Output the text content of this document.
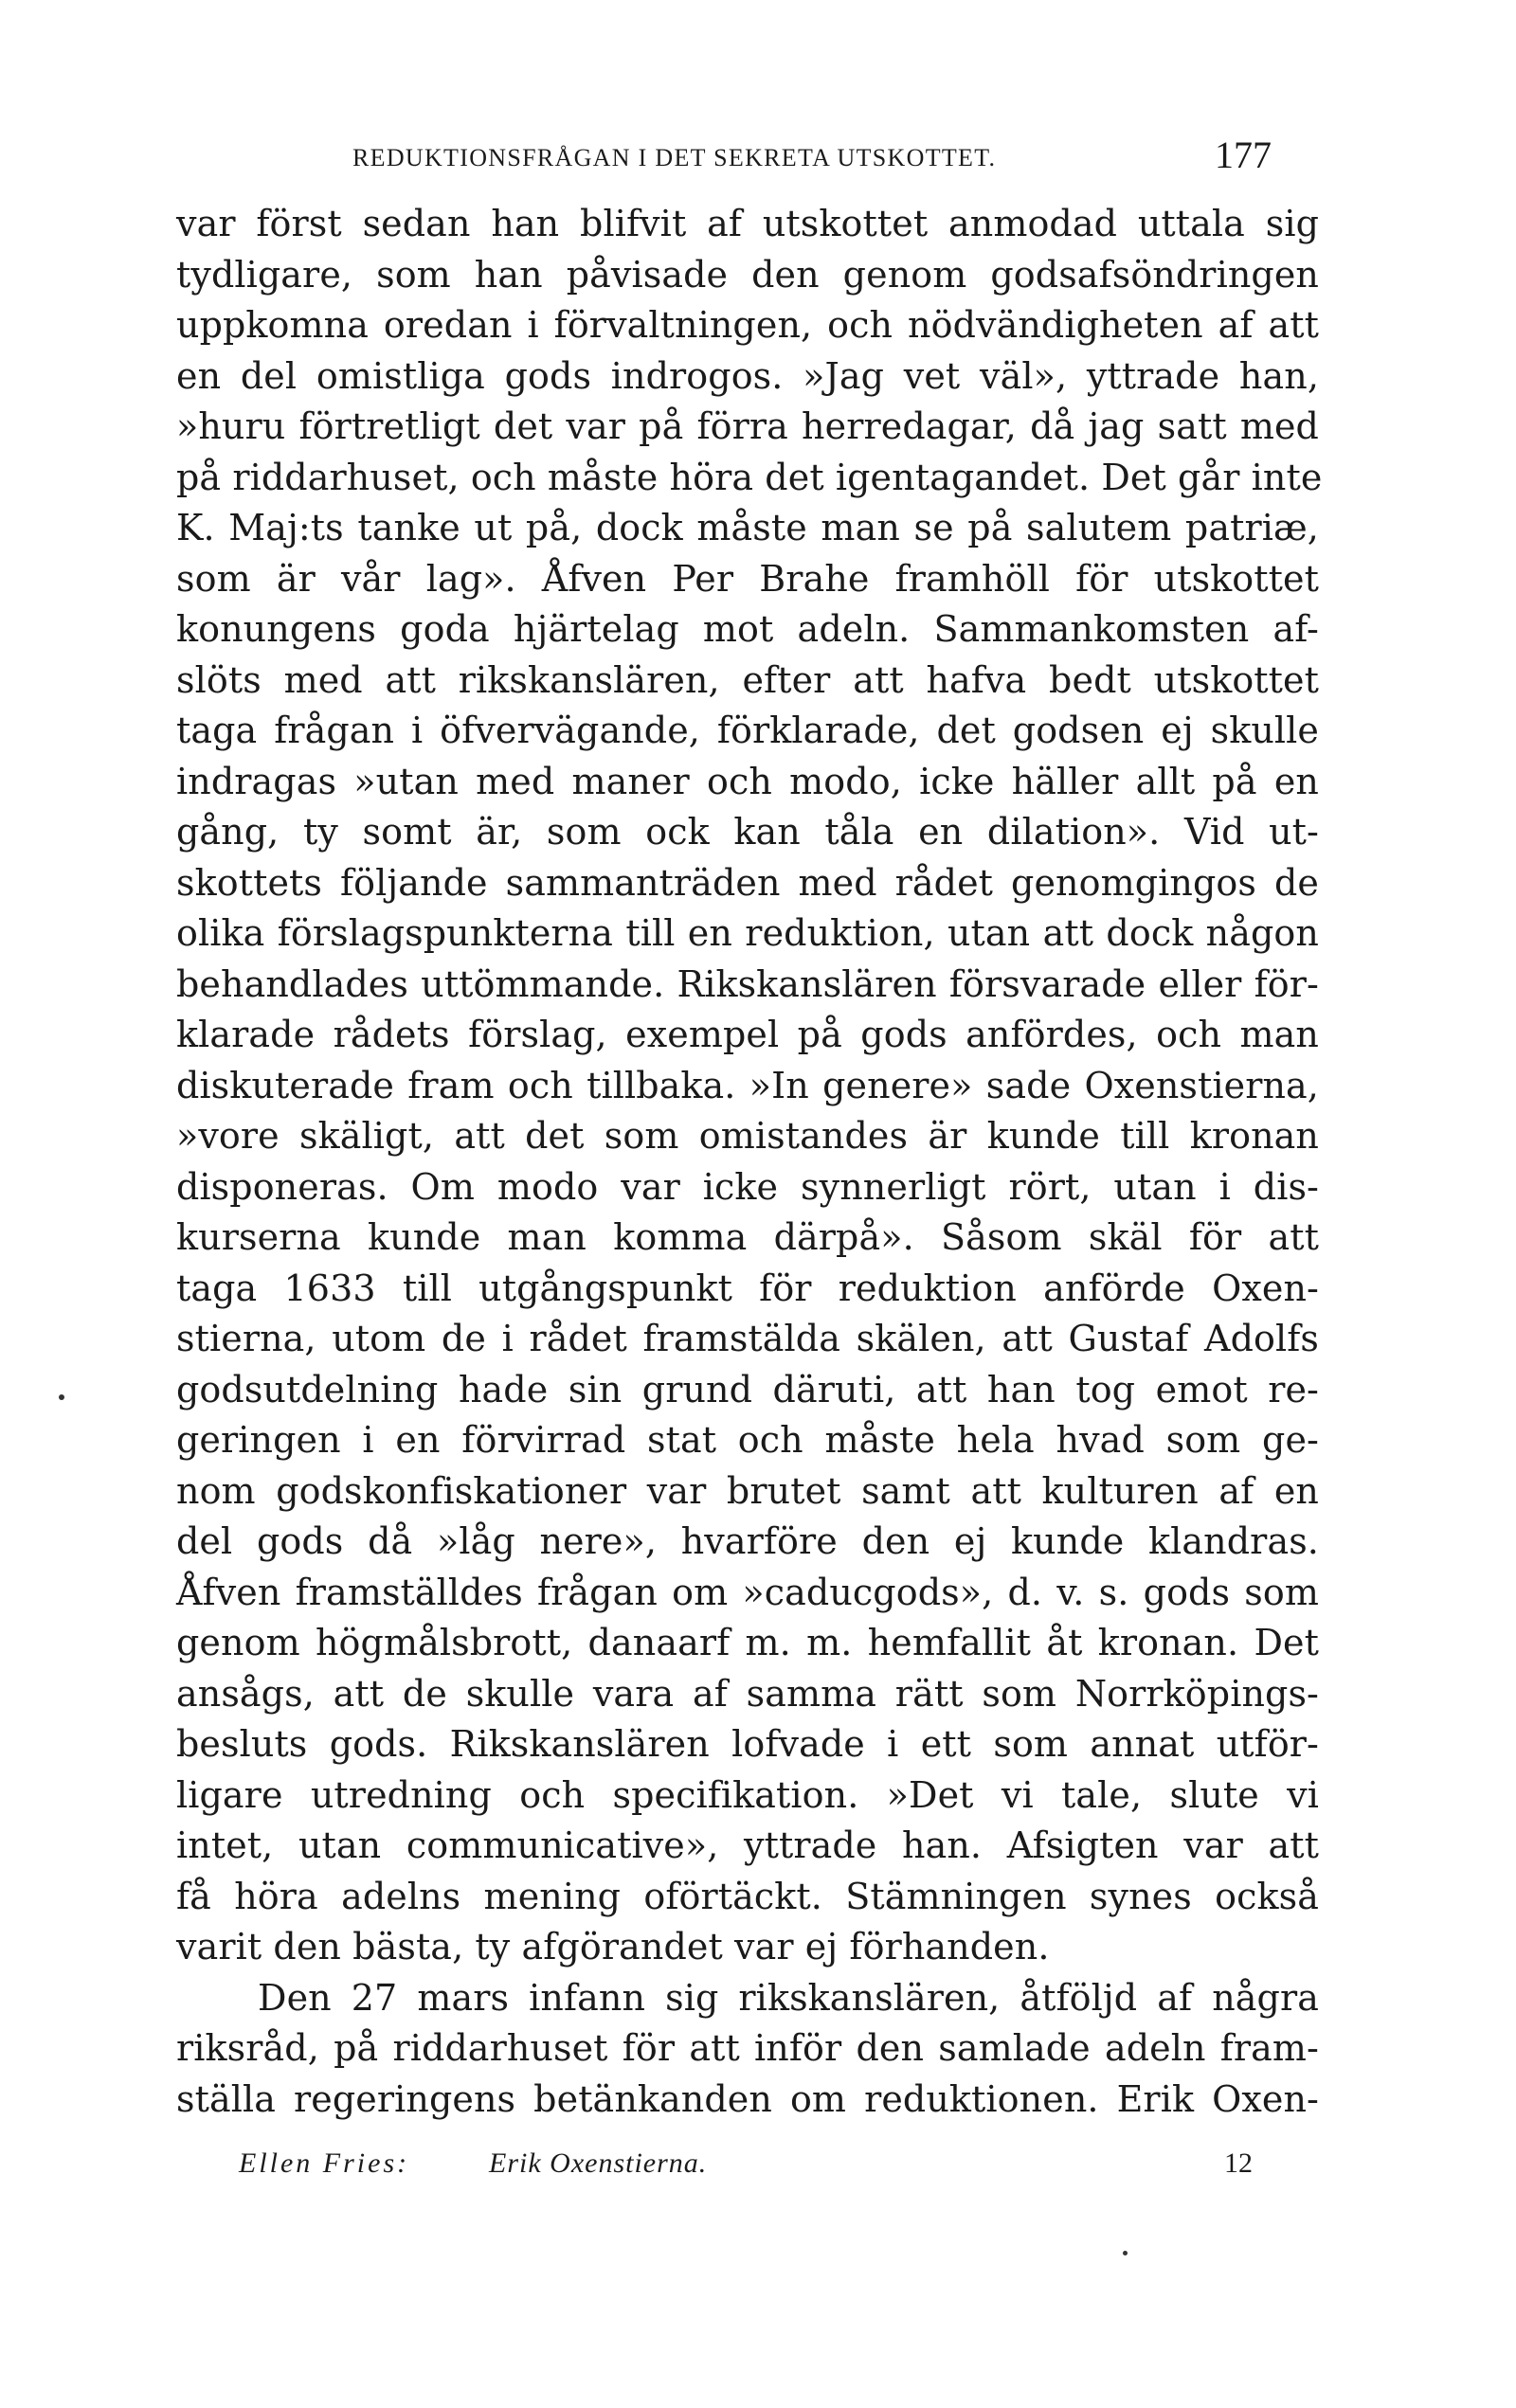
REDUKTIONSFRÅGAN I DET SEKRETA UTSKOTTET.	177
var först sedan han blifvit af utskottet anmodad uttala sig
tydligare, som han påvisade den genom godsafsöndringen
uppkomna oredan i förvaltningen, och nödvändigheten af att
en del omistliga gods indrogos. »Jag vet väl», yttrade han,
»huru förtretligt det var på förra herredagar, då jag satt med
på riddarhuset, och måste höra det igentagandet. Det går inte
K. Maj:ts tanke ut på, dock måste man se på salutem patriæ,
som är vår lag». Åfven Per Brahe framhöll för utskottet
konungens goda hjärtelag mot adeln. Sammankomsten af-
slöts med att rikskanslären, efter att hafva bedt utskottet
taga frågan i öfvervägande, förklarade, det godsen ej skulle
indragas »utan med maner och modo, icke häller allt på en
gång, ty somt är, som ock kan tåla en dilation». Vid ut-
skottets följande sammanträden med rådet genomgingos de
olika förslagspunkterna till en reduktion, utan att dock någon
behandlades uttömmande. Rikskanslären försvarade eller för-
klarade rådets förslag, exempel på gods anfördes, och man
diskuterade fram och tillbaka. »In genere» sade Oxenstierna,
»vore skäligt, att det som omistandes är kunde till kronan
disponeras. Om modo var icke synnerligt rört, utan i dis-
kurserna kunde man komma därpå». Såsom skäl för att
taga 1633 till utgångspunkt för reduktion anförde Oxen-
stierna, utom de i rådet framstälda skälen, att Gustaf Adolfs
godsutdelning hade sin grund däruti, att han tog emot re-
geringen i en förvirrad stat och måste hela hvad som ge-
nom godskonfiskationer var brutet samt att kulturen af en
del gods då »låg nere», hvarföre den ej kunde klandras.
Åfven framställdes frågan om »caducgods», d. v. s. gods som
genom högmålsbrott, danaarf m. m. hemfallit åt kronan. Det
ansågs, att de skulle vara af samma rätt som Norrköpings-
besluts gods. Rikskanslären lofvade i ett som annat utför-
ligare utredning och specifikation. »Det vi tale, slute vi
intet, utan communicative», yttrade han. Afsigten var att
få höra adelns mening oförtäckt. Stämningen synes också
varit den bästa, ty afgörandet var ej förhanden.
Den 27 mars infann sig rikskanslären, åtföljd af några
riksråd, på riddarhuset för att inför den samlade adeln fram-
ställa regeringens betänkanden om reduktionen. Erik Oxen-
Ellen Fries:	Erik Oxenstierna.	12
